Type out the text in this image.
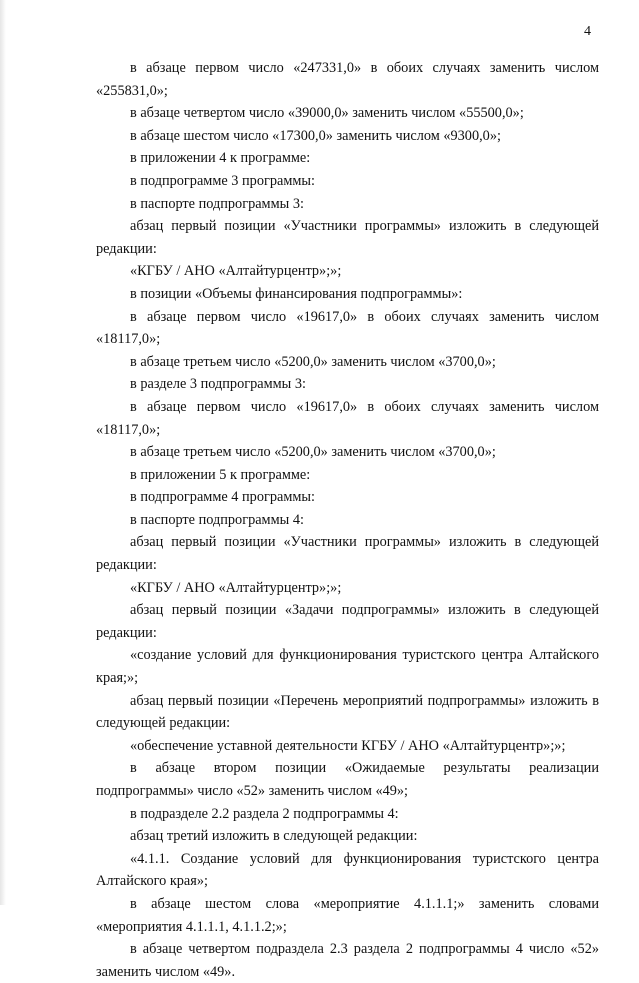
4

в абзаце первом число «247331,0» в обоих случаях заменить числом «255831,0»;

в абзаце четвертом число «39000,0» заменить числом «55500,0»;

в абзаце шестом число «17300,0» заменить числом «9300,0»;

в приложении 4 к программе:

в подпрограмме 3 программы:

в паспорте подпрограммы 3:

абзац первый позиции «Участники программы» изложить в следующей редакции:

«КГБУ / АНО «Алтайтурцентр»;»;

в позиции «Объемы финансирования подпрограммы»:

в абзаце первом число «19617,0» в обоих случаях заменить числом «18117,0»;

в абзаце третьем число «5200,0» заменить числом «3700,0»;

в разделе 3 подпрограммы 3:

в абзаце первом число «19617,0» в обоих случаях заменить числом «18117,0»;

в абзаце третьем число «5200,0» заменить числом «3700,0»;

в приложении 5 к программе:

в подпрограмме 4 программы:

в паспорте подпрограммы 4:

абзац первый позиции «Участники программы» изложить в следующей редакции:

«КГБУ / АНО «Алтайтурцентр»;»;

абзац первый позиции «Задачи подпрограммы» изложить в следующей редакции:

«создание условий для функционирования туристского центра Алтайского края;»;

абзац первый позиции «Перечень мероприятий подпрограммы» изложить в следующей редакции:

«обеспечение уставной деятельности КГБУ / АНО «Алтайтурцентр»;»;

в абзаце втором позиции «Ожидаемые результаты реализации подпрограммы» число «52» заменить числом «49»;

в подразделе 2.2 раздела 2 подпрограммы 4:

абзац третий изложить в следующей редакции:

«4.1.1. Создание условий для функционирования туристского центра Алтайского края»;

в абзаце шестом слова «мероприятие 4.1.1.1;» заменить словами «мероприятия 4.1.1.1, 4.1.1.2;»;

в абзаце четвертом подраздела 2.3 раздела 2 подпрограммы 4 число «52» заменить числом «49».
